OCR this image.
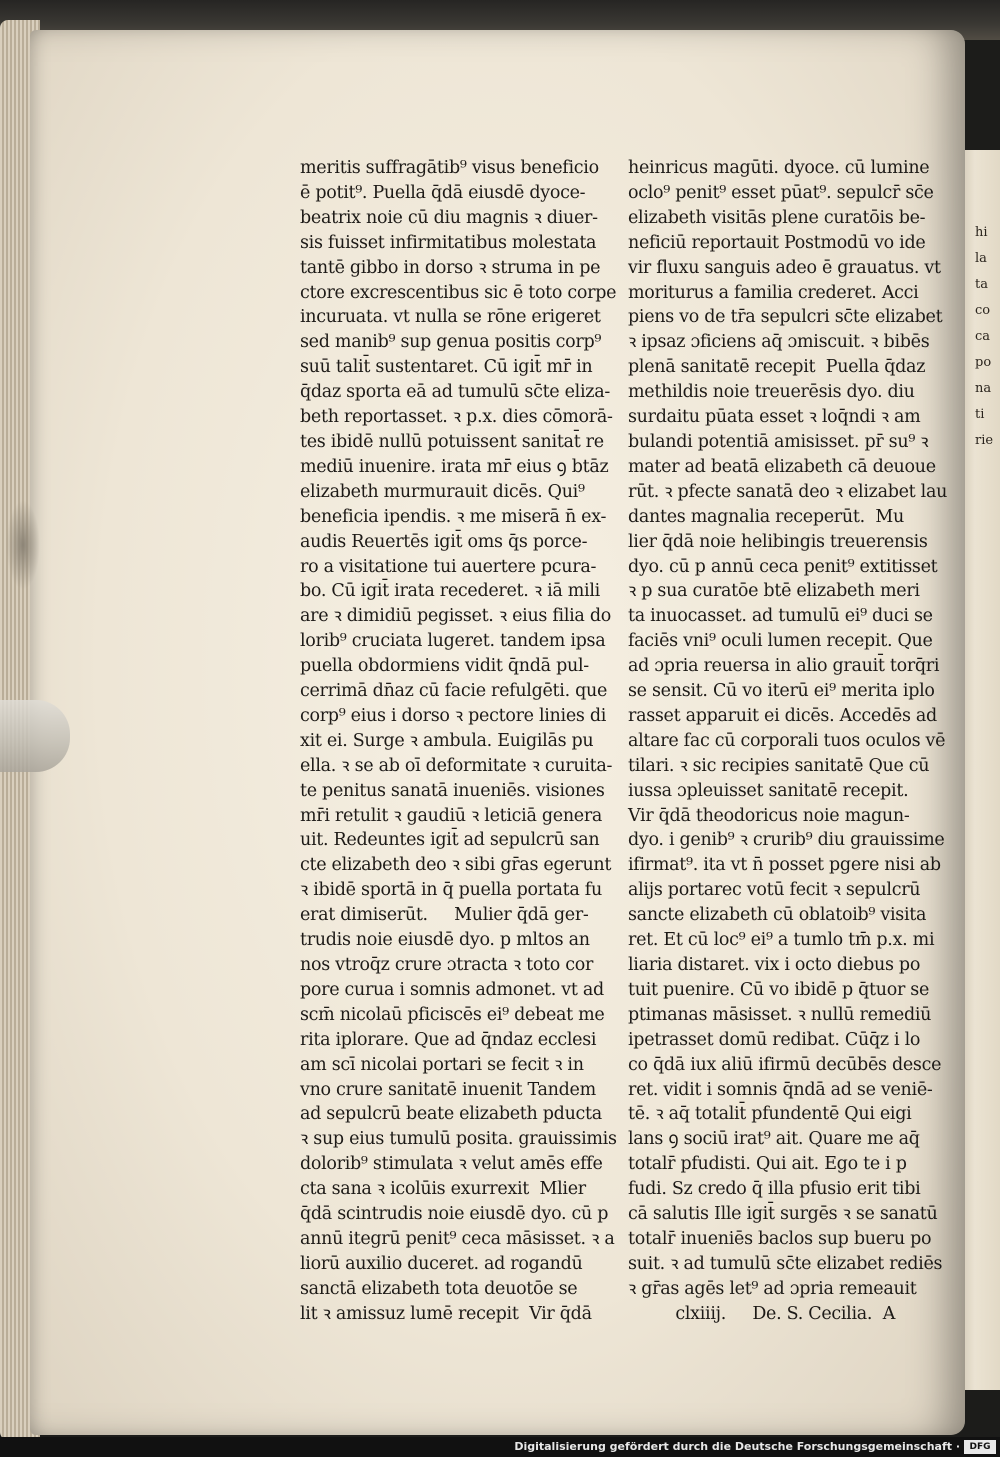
hi
la
ta
co
ca
po
na
ti
rie
meritis suffragātib⁹ visus beneficio
ē potit⁹. Puella q̄dā eiusdē dyoce-
beatrix noie cū diu magnis ꝛ diuer-
sis fuisset infirmitatibus molestata
tantē gibbo in dorso ꝛ struma in pe
ctore excrescentibus sic ē toto corpe
incuruata. vt nulla se rōne erigeret
sed manib⁹ sup genua positis corp⁹
suū talit̄ sustentaret. Cū igit̄ mr̄ in
q̄daz sporta eā ad tumulū sc̄te eliza-
beth reportasset. ꝛ p.x. dies cōmorā-
tes ibidē nullū potuissent sanitat̄ re
mediū inuenire. irata mr̄ eius ꝯ btāz
elizabeth murmurauit dicēs. Qui⁹
beneficia ipendis. ꝛ me miserā n̄ ex-
audis Reuertēs igit̄ oms q̄s porce-
ro a visitatione tui auertere pcura-
bo. Cū igit̄ irata recederet. ꝛ iā mili
are ꝛ dimidiū pegisset. ꝛ eius filia do
lorib⁹ cruciata lugeret. tandem ipsa
puella obdormiens vidit q̄ndā pul-
cerrimā dn̄az cū facie refulgēti. que
corp⁹ eius i dorso ꝛ pectore linies di
xit ei. Surge ꝛ ambula. Euigilās pu
ella. ꝛ se ab oī deformitate ꝛ curuita-
te penitus sanatā inueniēs. visiones
mr̄i retulit ꝛ gaudiū ꝛ leticiā genera
uit. Redeuntes igit̄ ad sepulcrū san
cte elizabeth deo ꝛ sibi gr̄as egerunt
ꝛ ibidē sportā in q̄ puella portata fu
erat dimiserūt.     Mulier q̄dā ger-
trudis noie eiusdē dyo. p mltos an
nos vtroq̄z crure ɔtracta ꝛ toto cor
pore curua i somnis admonet. vt ad
scm̄ nicolaū pficiscēs ei⁹ debeat me
rita iplorare. Que ad q̄ndaz ecclesi
am scī nicolai portari se fecit ꝛ in
vno crure sanitatē inuenit Tandem
ad sepulcrū beate elizabeth pducta
ꝛ sup eius tumulū posita. grauissimis
dolorib⁹ stimulata ꝛ velut amēs effe
cta sana ꝛ icolūis exurrexit  Mlier
q̄dā scintrudis noie eiusdē dyo. cū p
annū itegrū penit⁹ ceca māsisset. ꝛ a
liorū auxilio duceret. ad rogandū
sanctā elizabeth tota deuotōe se
lit ꝛ amissuz lumē recepit  Vir q̄dā
heinricus magūti. dyoce. cū lumine
oclo⁹ penit⁹ esset pūat⁹. sepulcr̄ sc̄e
elizabeth visitās plene curatōis be-
neficiū reportauit Postmodū vo ide
vir fluxu sanguis adeo ē grauatus. vt
moriturus a familia crederet. Acci
piens vo de tr̄a sepulcri sc̄te elizabet
ꝛ ipsaz ɔficiens aq̄ ɔmiscuit. ꝛ bibēs
plenā sanitatē recepit  Puella q̄daz
methildis noie treuerēsis dyo. diu
surdaitu pūata esset ꝛ loq̄ndi ꝛ am
bulandi potentiā amisisset. pr̄ su⁹ ꝛ
mater ad beatā elizabeth cā deuoue
rūt. ꝛ pfecte sanatā deo ꝛ elizabet lau
dantes magnalia receperūt.  Mu
lier q̄dā noie helibingis treuerensis
dyo. cū p annū ceca penit⁹ extitisset
ꝛ p sua curatōe btē elizabeth meri
ta inuocasset. ad tumulū ei⁹ duci se
faciēs vni⁹ oculi lumen recepit. Que
ad ɔpria reuersa in alio grauit̄ torq̄ri
se sensit. Cū vo iterū ei⁹ merita iplo
rasset apparuit ei dicēs. Accedēs ad
altare fac cū corporali tuos oculos vē
tilari. ꝛ sic recipies sanitatē Que cū
iussa ɔpleuisset sanitatē recepit.
Vir q̄dā theodoricus noie magun-
dyo. i genib⁹ ꝛ crurib⁹ diu grauissime
ifirmat⁹. ita vt n̄ posset pgere nisi ab
alijs portarec votū fecit ꝛ sepulcrū
sancte elizabeth cū oblatoib⁹ visita
ret. Et cū loc⁹ ei⁹ a tumlo tm̄ p.x. mi
liaria distaret. vix i octo diebus po
tuit puenire. Cū vo ibidē p q̄tuor se
ptimanas māsisset. ꝛ nullū remediū
ipetrasset domū redibat. Cūq̄z i lo
co q̄dā iux aliū ifirmū decūbēs desce
ret. vidit i somnis q̄ndā ad se veniē-
tē. ꝛ aq̄ totalit̄ pfundentē Qui eigi
lans ꝯ sociū irat⁹ ait. Quare me aq̄
totalr̄ pfudisti. Qui ait. Ego te i p
fudi. Sz credo q̄ illa pfusio erit tibi
cā salutis Ille igit̄ surgēs ꝛ se sanatū
totalr̄ inueniēs baclos sup bueru po
suit. ꝛ ad tumulū sc̄te elizabet rediēs
ꝛ gr̄as agēs let⁹ ad ɔpria remeauit
clxiiij.     De. S. Cecilia.  A
Digitalisierung gefördert durch die Deutsche Forschungsgemeinschaft ·	DFG
